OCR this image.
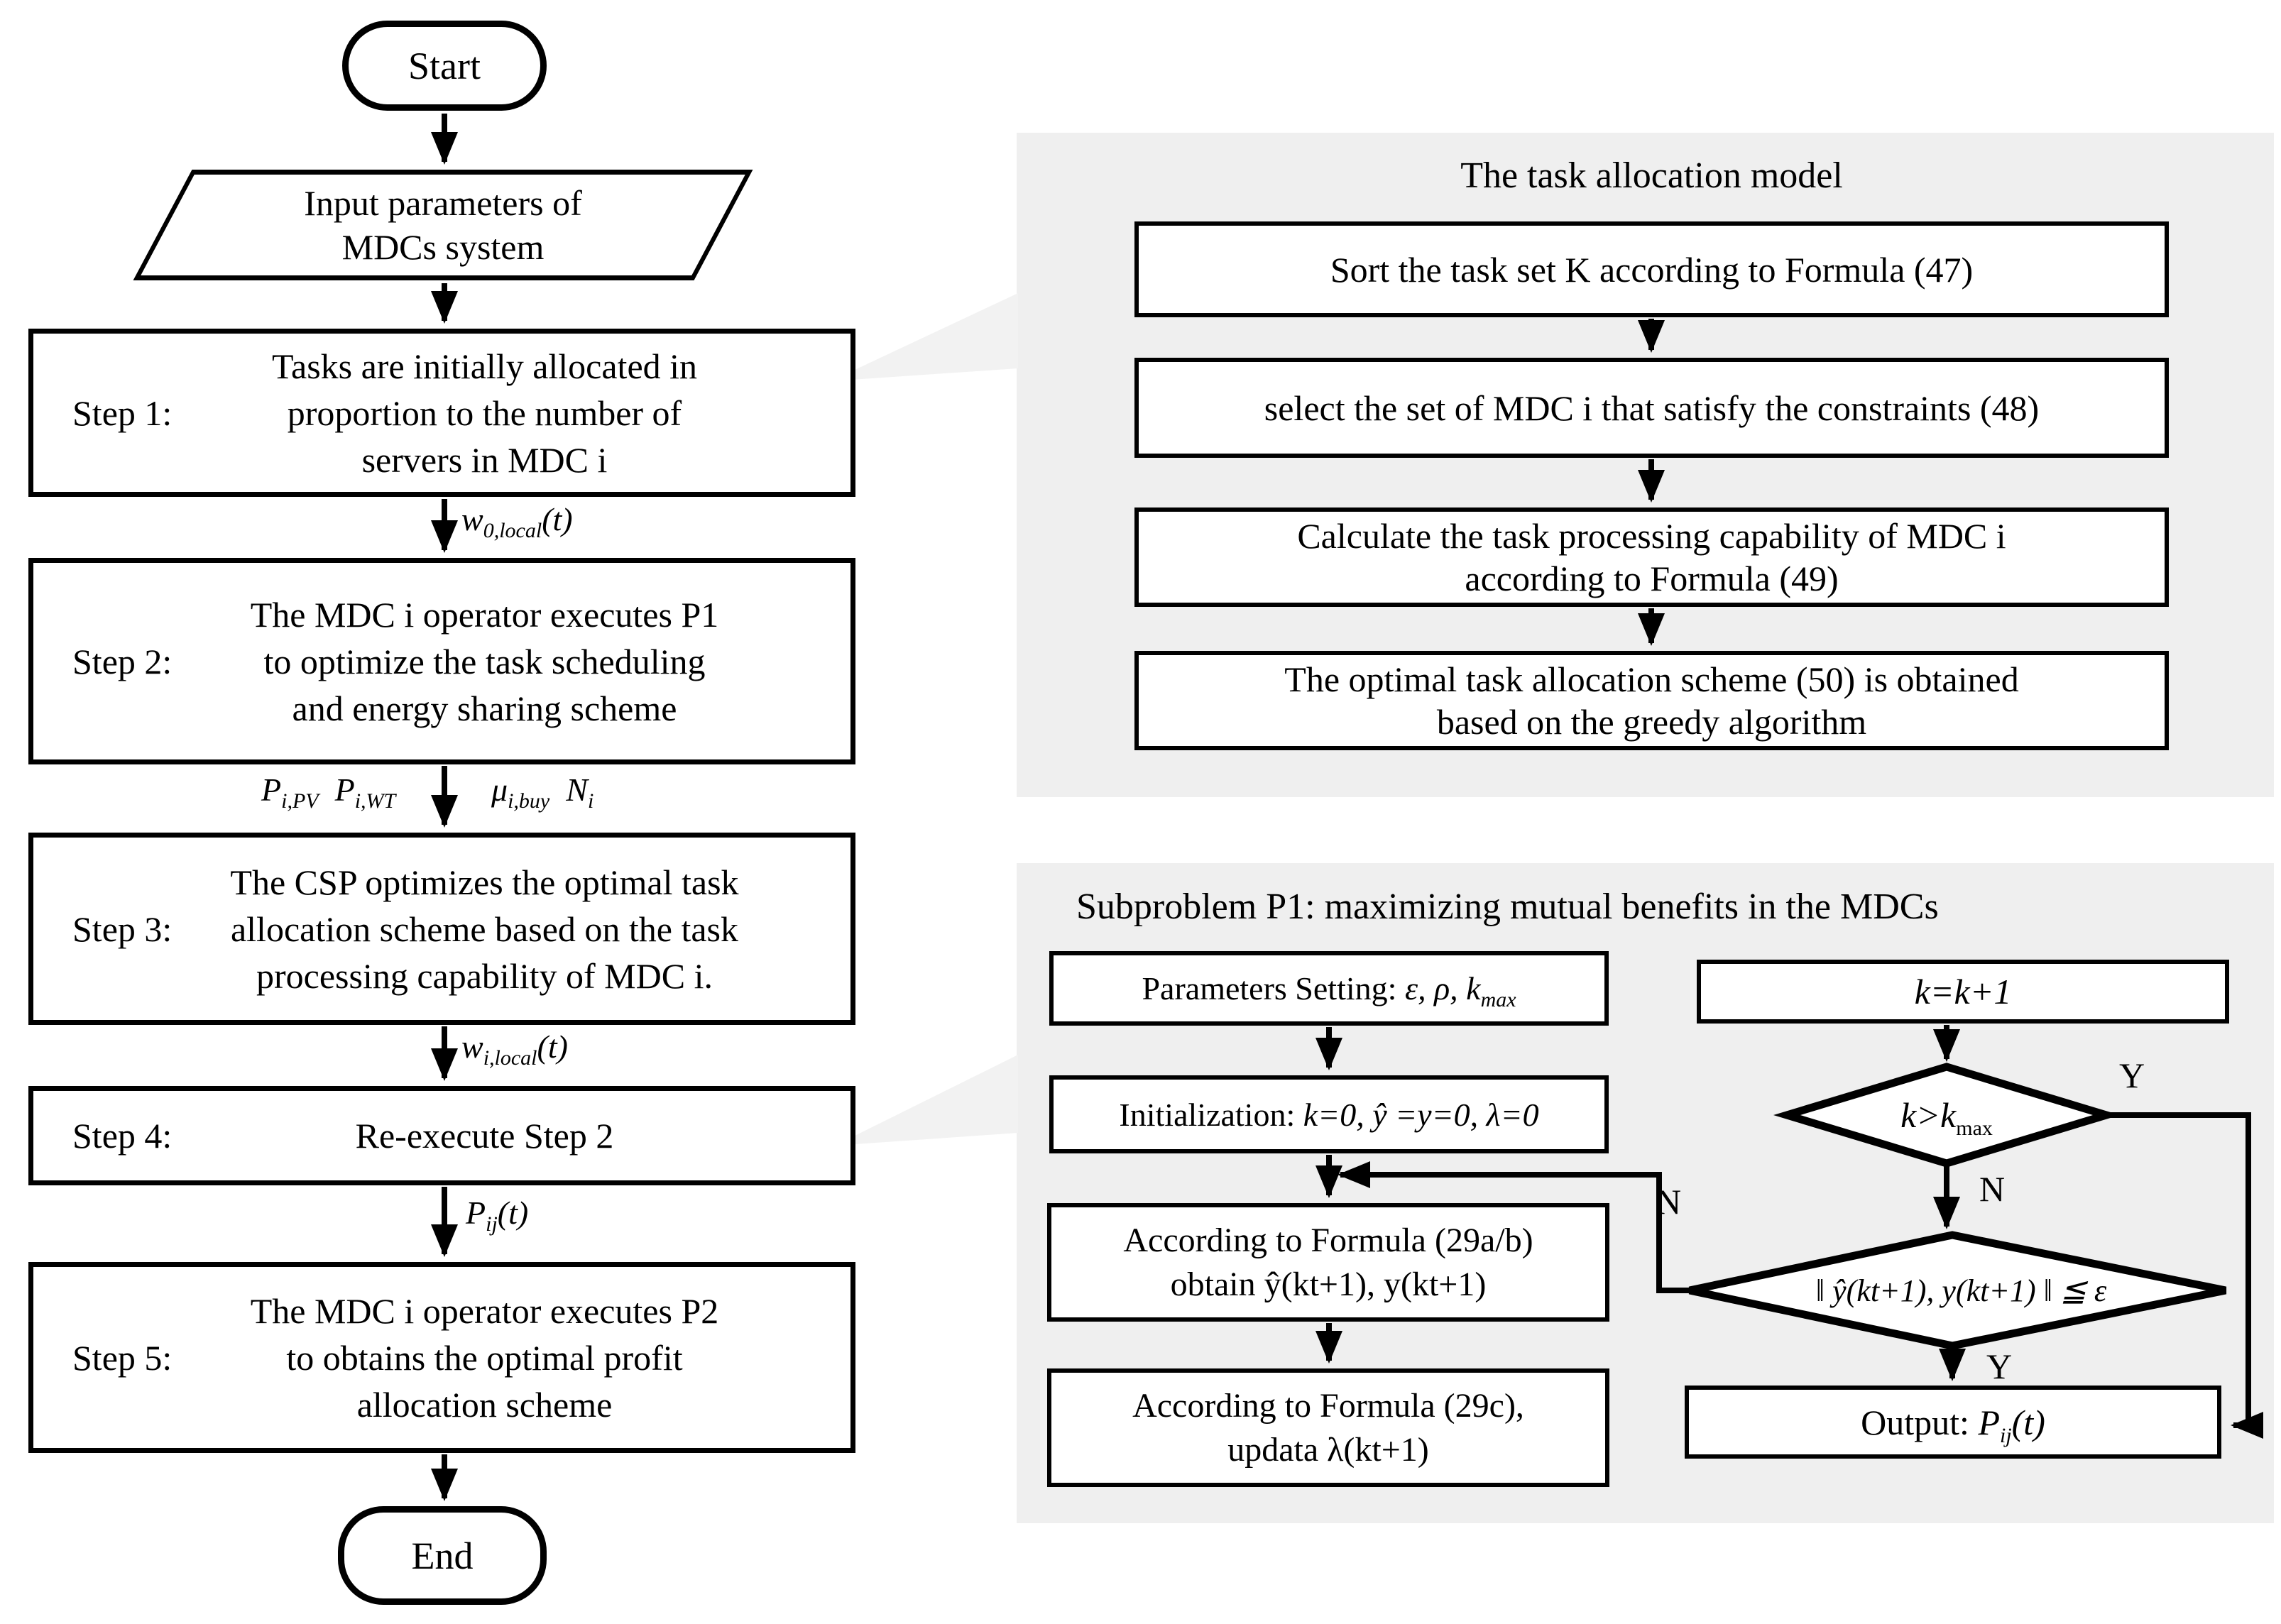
Start
Input parameters of
MDCs system
Step 1:
Tasks are initially allocated in
proportion to the number of
servers in MDC i
Step 2:
The MDC i operator executes P1
to optimize the task scheduling
and energy sharing scheme
Step 3:
The CSP optimizes the optimal task
allocation scheme based on the task
processing capability of MDC i.
Step 4:	Re-execute Step 2
Step 5:
The MDC i operator executes P2
to obtains the optimal profit
allocation scheme
End
$w_{0,local}(t)$
$P_{i,PV}$ $P_{i,WT}$	$\mu_{i,buy}$ $N_i$
$w_{i,local}(t)$
$P_{ij}(t)$
The task allocation model
Sort the task set K according to Formula (47)
select the set of MDC i that satisfy the constraints (48)
Calculate the task processing capability of MDC i
according to Formula (49)
The optimal task allocation scheme (50) is obtained
based on the greedy algorithm
Subproblem P1: maximizing mutual benefits in the MDCs
Parameters Setting: ε, ρ, $k_{max}$
Initialization: k=0, ŷ =y=0, λ=0
According to Formula (29a/b)
obtain ŷ(kt+1), y(kt+1)
According to Formula (29c),
updata λ(kt+1)
k=k+1
$k>k_{max}$
‖ ŷ(kt+1), y(kt+1) ‖ ≦ ε
Output: $P_{ij}(t)$
Y
N
N
Y
